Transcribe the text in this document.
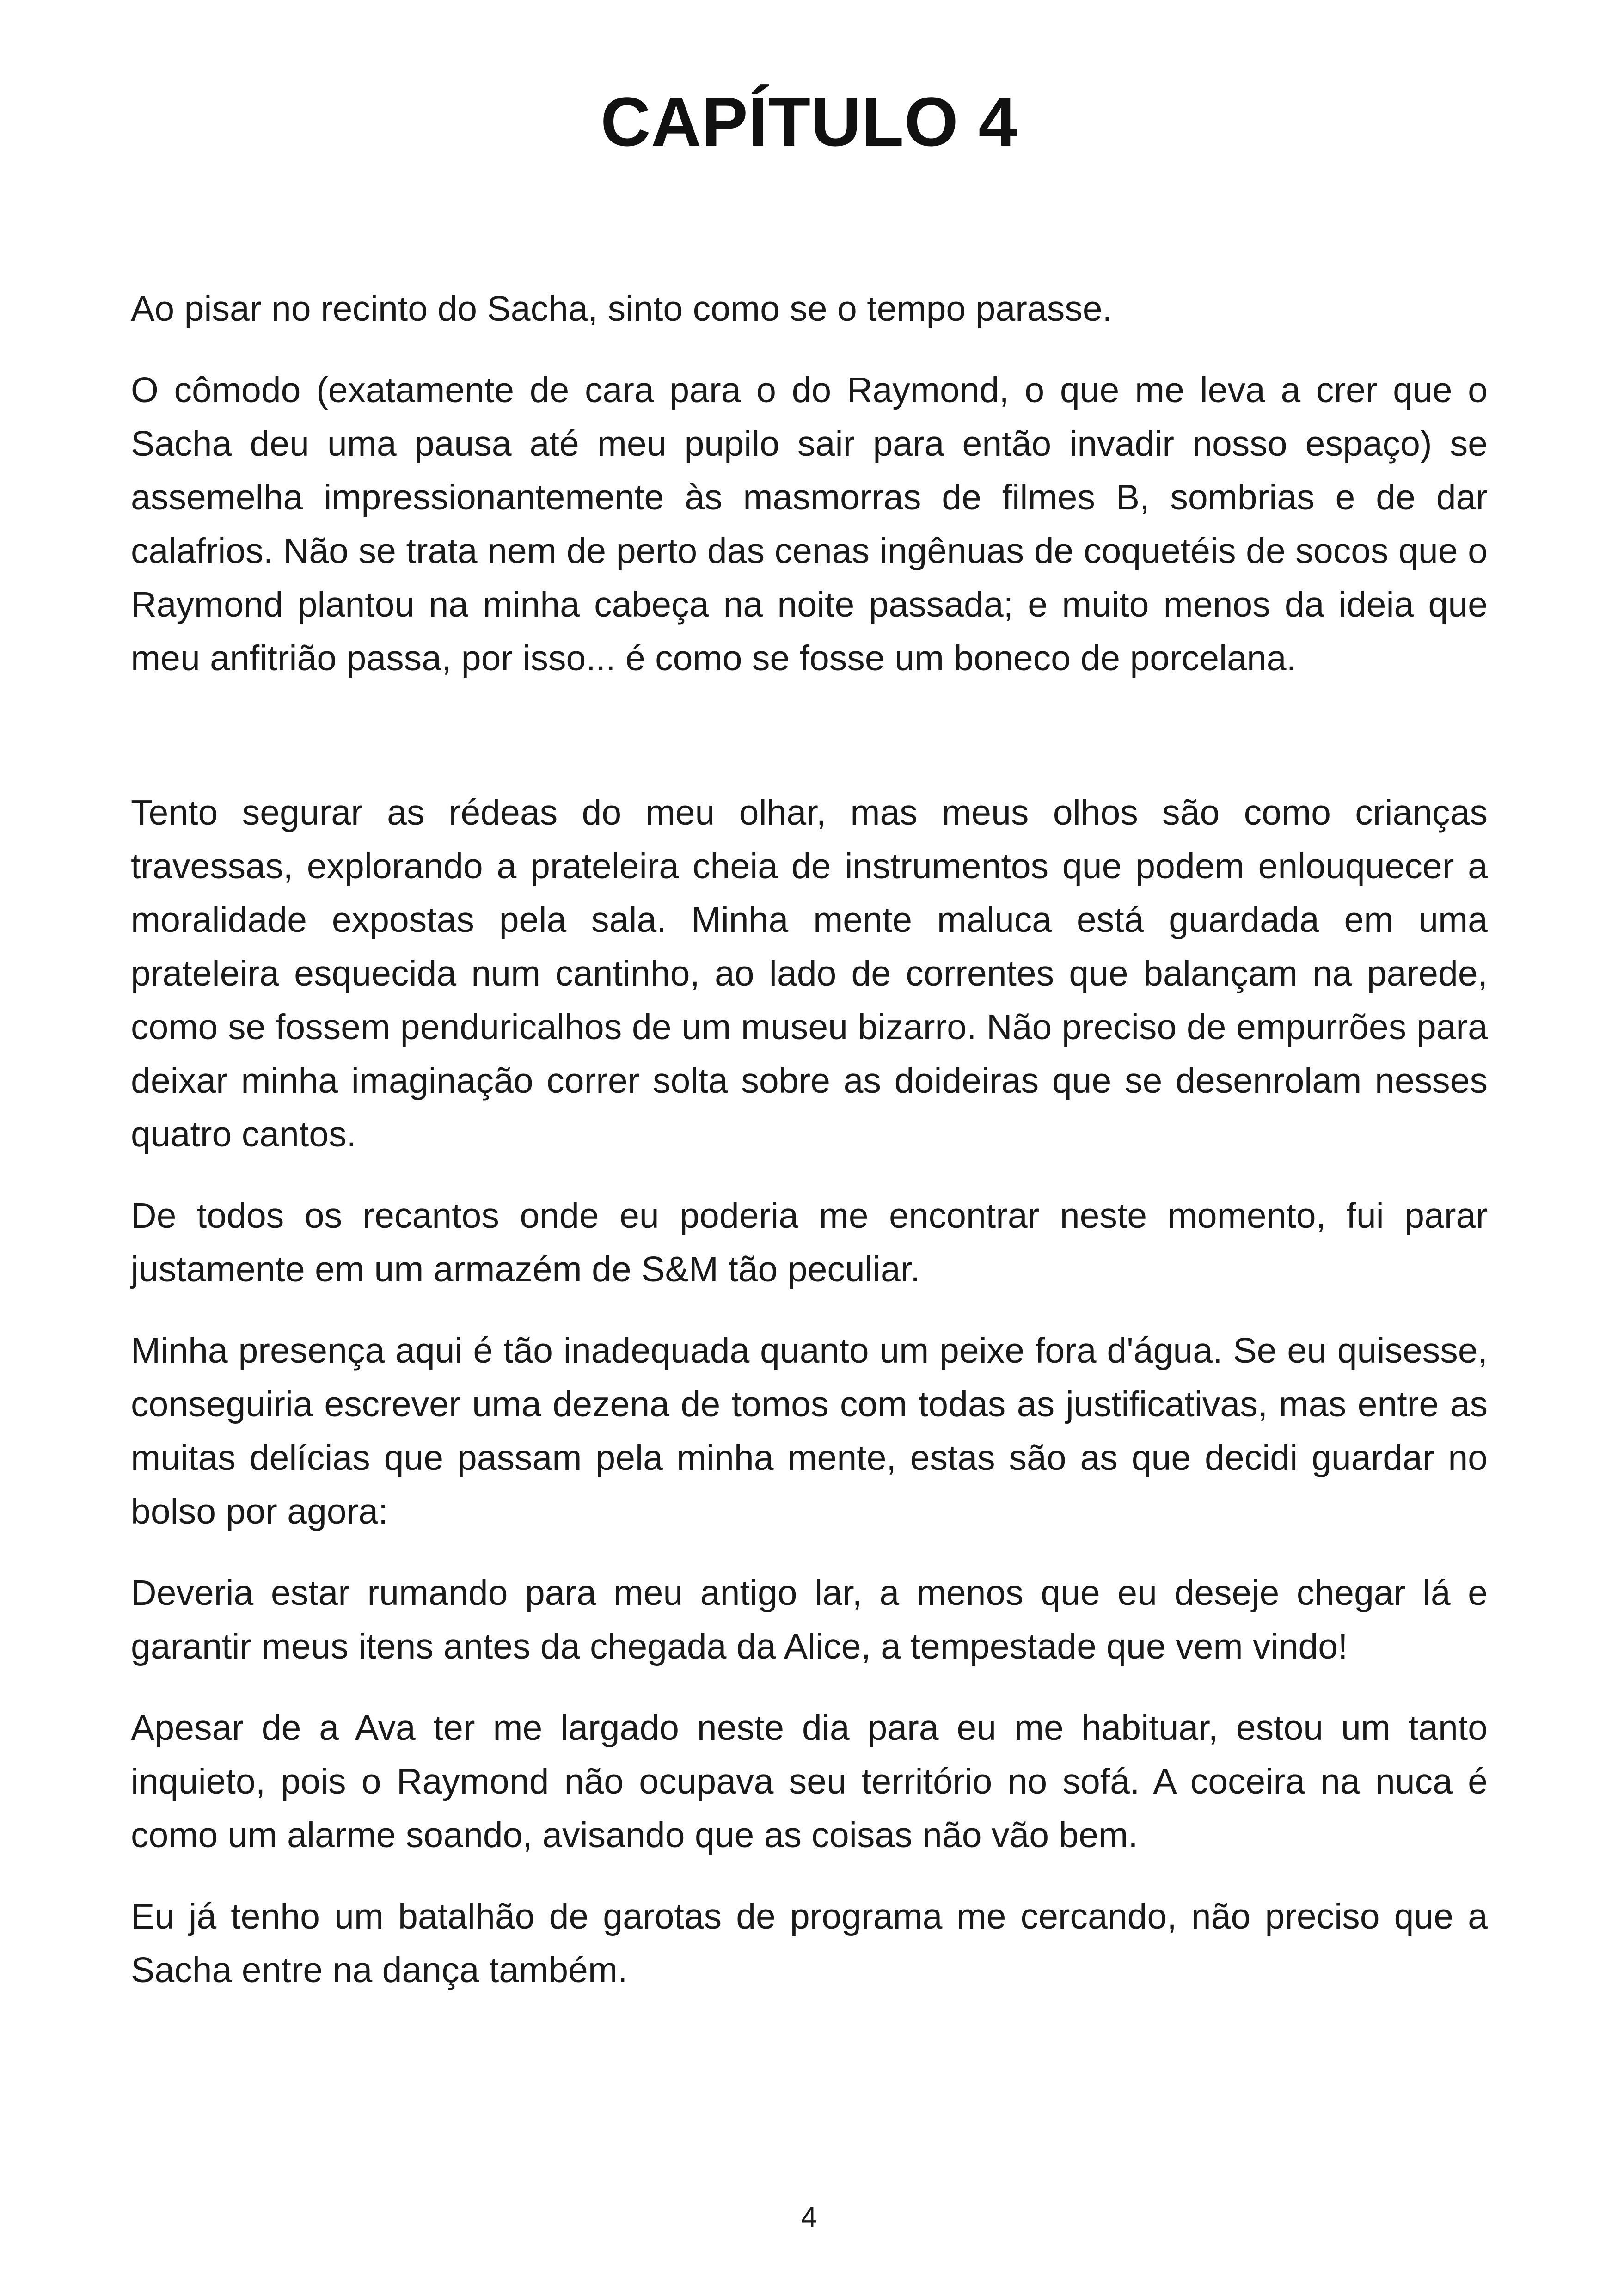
CAPÍTULO 4

Ao pisar no recinto do Sacha, sinto como se o tempo parasse.

O cômodo (exatamente de cara para o do Raymond, o que me leva a crer que o Sacha deu uma pausa até meu pupilo sair para então invadir nosso espaço) se assemelha impressionantemente às masmorras de filmes B, sombrias e de dar calafrios. Não se trata nem de perto das cenas ingênuas de coquetéis de socos que o Raymond plantou na minha cabeça na noite passada; e muito menos da ideia que meu anfitrião passa, por isso... é como se fosse um boneco de porcelana.

Tento segurar as rédeas do meu olhar, mas meus olhos são como crianças travessas, explorando a prateleira cheia de instrumentos que podem enlouquecer a moralidade expostas pela sala. Minha mente maluca está guardada em uma prateleira esquecida num cantinho, ao lado de correntes que balançam na parede, como se fossem penduricalhos de um museu bizarro. Não preciso de empurrões para deixar minha imaginação correr solta sobre as doideiras que se desenrolam nesses quatro cantos.

De todos os recantos onde eu poderia me encontrar neste momento, fui parar justamente em um armazém de S&M tão peculiar.

Minha presença aqui é tão inadequada quanto um peixe fora d'água. Se eu quisesse, conseguiria escrever uma dezena de tomos com todas as justificativas, mas entre as muitas delícias que passam pela minha mente, estas são as que decidi guardar no bolso por agora:

Deveria estar rumando para meu antigo lar, a menos que eu deseje chegar lá e garantir meus itens antes da chegada da Alice, a tempestade que vem vindo!

Apesar de a Ava ter me largado neste dia para eu me habituar, estou um tanto inquieto, pois o Raymond não ocupava seu território no sofá. A coceira na nuca é como um alarme soando, avisando que as coisas não vão bem.

Eu já tenho um batalhão de garotas de programa me cercando, não preciso que a Sacha entre na dança também.

4
